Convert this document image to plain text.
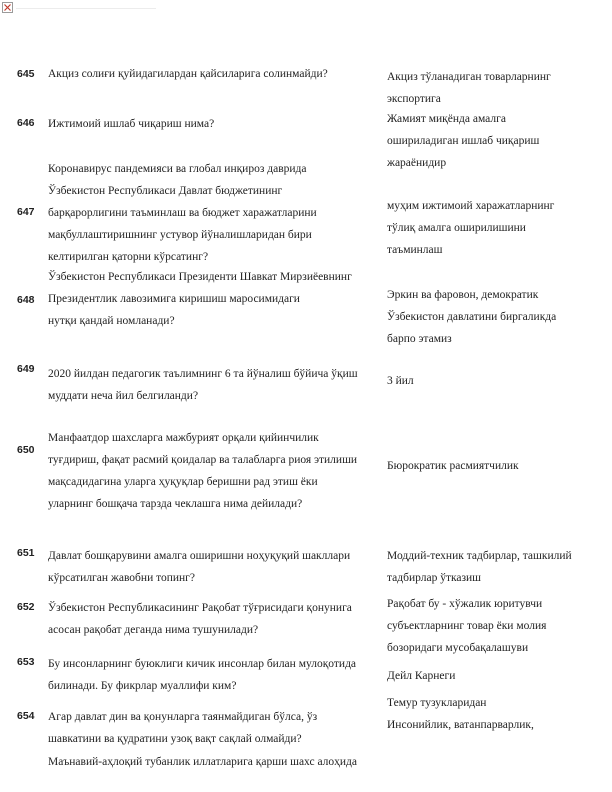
645 Акциз солиғи қуйидагилардан қайсиларига солинмайди?	Акциз тўланадиган товарларнинг
экспортига
646 Ижтимоий ишлаб чиқариш нима?	Жамият миқёнда амалга
ошириладиган ишлаб чиқариш
жараёнидир
647
Коронавирус пандемияси ва глобал инқироз даврида
Ўзбекистон Республикаси Давлат бюджетининг
барқарорлигини таъминлаш ва бюджет харажатларини
мақбуллаштиришнинг устувор йўналишларидан бири
келтирилган қаторни кўрсатинг?
муҳим ижтимоий харажатларнинг
тўлиқ амалга оширилишини
таъминлаш
648
Ўзбекистон Республикаси Президенти Шавкат Мирзиёевнинг
Президентлик лавозимига киришиш маросимидаги
нутқи қандай номланади?
Эркин ва фаровон, демократик
Ўзбекистон давлатини биргаликда
барпо этамиз
649 2020 йилдан педагогик таълимнинг 6 та йўналиш бўйича ўқиш
муддати неча йил белгиланди?
3 йил
650
Манфаатдор шахсларга мажбурият орқали қийинчилик
туғдириш, фақат расмий қоидалар ва талабларга риоя этилиши
мақсадидагина уларга ҳуқуқлар беришни рад этиш ёки
уларнинг бошқача тарзда чеклашга нима дейилади?
Бюрократик расмиятчилик
651 Давлат бошқарувини амалга оширишни ноҳуқуқий шакллари
кўрсатилган жавобни топинг?
Моддий-техник тадбирлар, ташкилий
тадбирлар ўтказиш
652 Ўзбекистон Республикасининг Рақобат тўғрисидаги қонунига
асосан рақобат деганда нима тушунилади?
Рақобат бу - хўжалик юритувчи
субъектларнинг товар ёки молия
бозоридаги мусобақалашуви
653 Бу инсонларнинг буюклиги кичик инсонлар билан мулоқотида
билинади. Бу фикрлар муаллифи ким?
Дейл Карнеги
654 Агар давлат дин ва қонунларга таянмайдиган бўлса, ўз
шавкатини ва қудратини узоқ вақт сақлай олмайди?
Темур тузукларидан
Инсонийлик, ватанпарварлик,
Маънавий-аҳлоқий тубанлик иллатларига қарши шахс алоҳида
